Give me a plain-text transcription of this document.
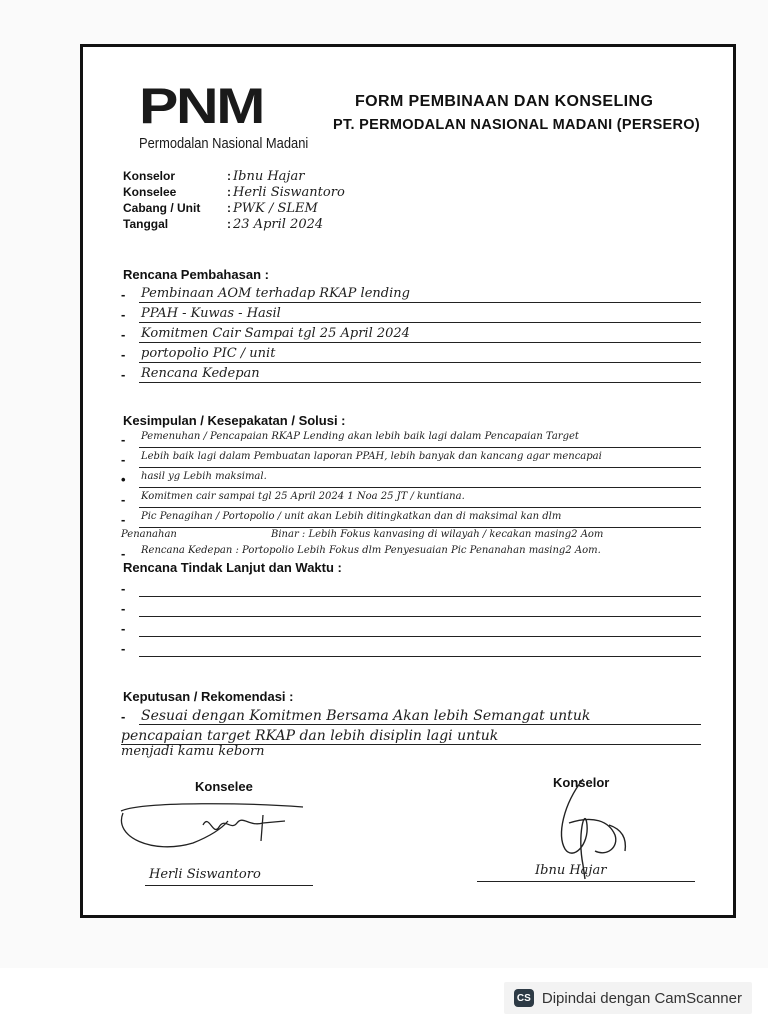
PNM
Permodalan Nasional Madani
FORM PEMBINAAN DAN KONSELING
PT. PERMODALAN NASIONAL MADANI (PERSERO)
Konselor	: Ibnu Hajar
Konselee	: Herli Siswantoro
Cabang / Unit : PWK / SLEM
Tanggal	: 23 April 2024
Rencana Pembahasan :
- Pembinaan AOM terhadap RKAP lending
- PPAH - Kuwas - Hasil
- Komitmen Cair Sampai tgl 25 April 2024
- portopolio PIC / unit
- Rencana Kedepan
Kesimpulan / Kesepakatan / Solusi :
- Pemenuhan / Pencapaian RKAP Lending akan lebih baik lagi dalam Pencapaian Target
- Lebih baik lagi dalam Pembuatan laporan PPAH, lebih banyak dan kancang agar mencapai
• hasil yg Lebih maksimal.
- Komitmen cair sampai tgl 25 April 2024 1 Noa 25 JT / kuntiana.
- Pic Penagihan / Portopolio / unit akan Lebih ditingkatkan dan di maksimal kan dlm
Penanahan	Binar : Lebih Fokus kanvasing di wilayah / kecakan masing2 Aom
- Rencana Kedepan : Portopolio Lebih Fokus dlm Penyesuaian Pic Penanahan masing2 Aom.
Rencana Tindak Lanjut dan Waktu :
-
-
-
-
Keputusan / Rekomendasi :
- Sesuai dengan Komitmen Bersama Akan lebih Semangat untuk
pencapaian target RKAP dan lebih disiplin lagi untuk
menjadi kamu keborn
Konselee	Konselor
Herli Siswantoro	Ibnu Hajar
CS Dipindai dengan CamScanner
